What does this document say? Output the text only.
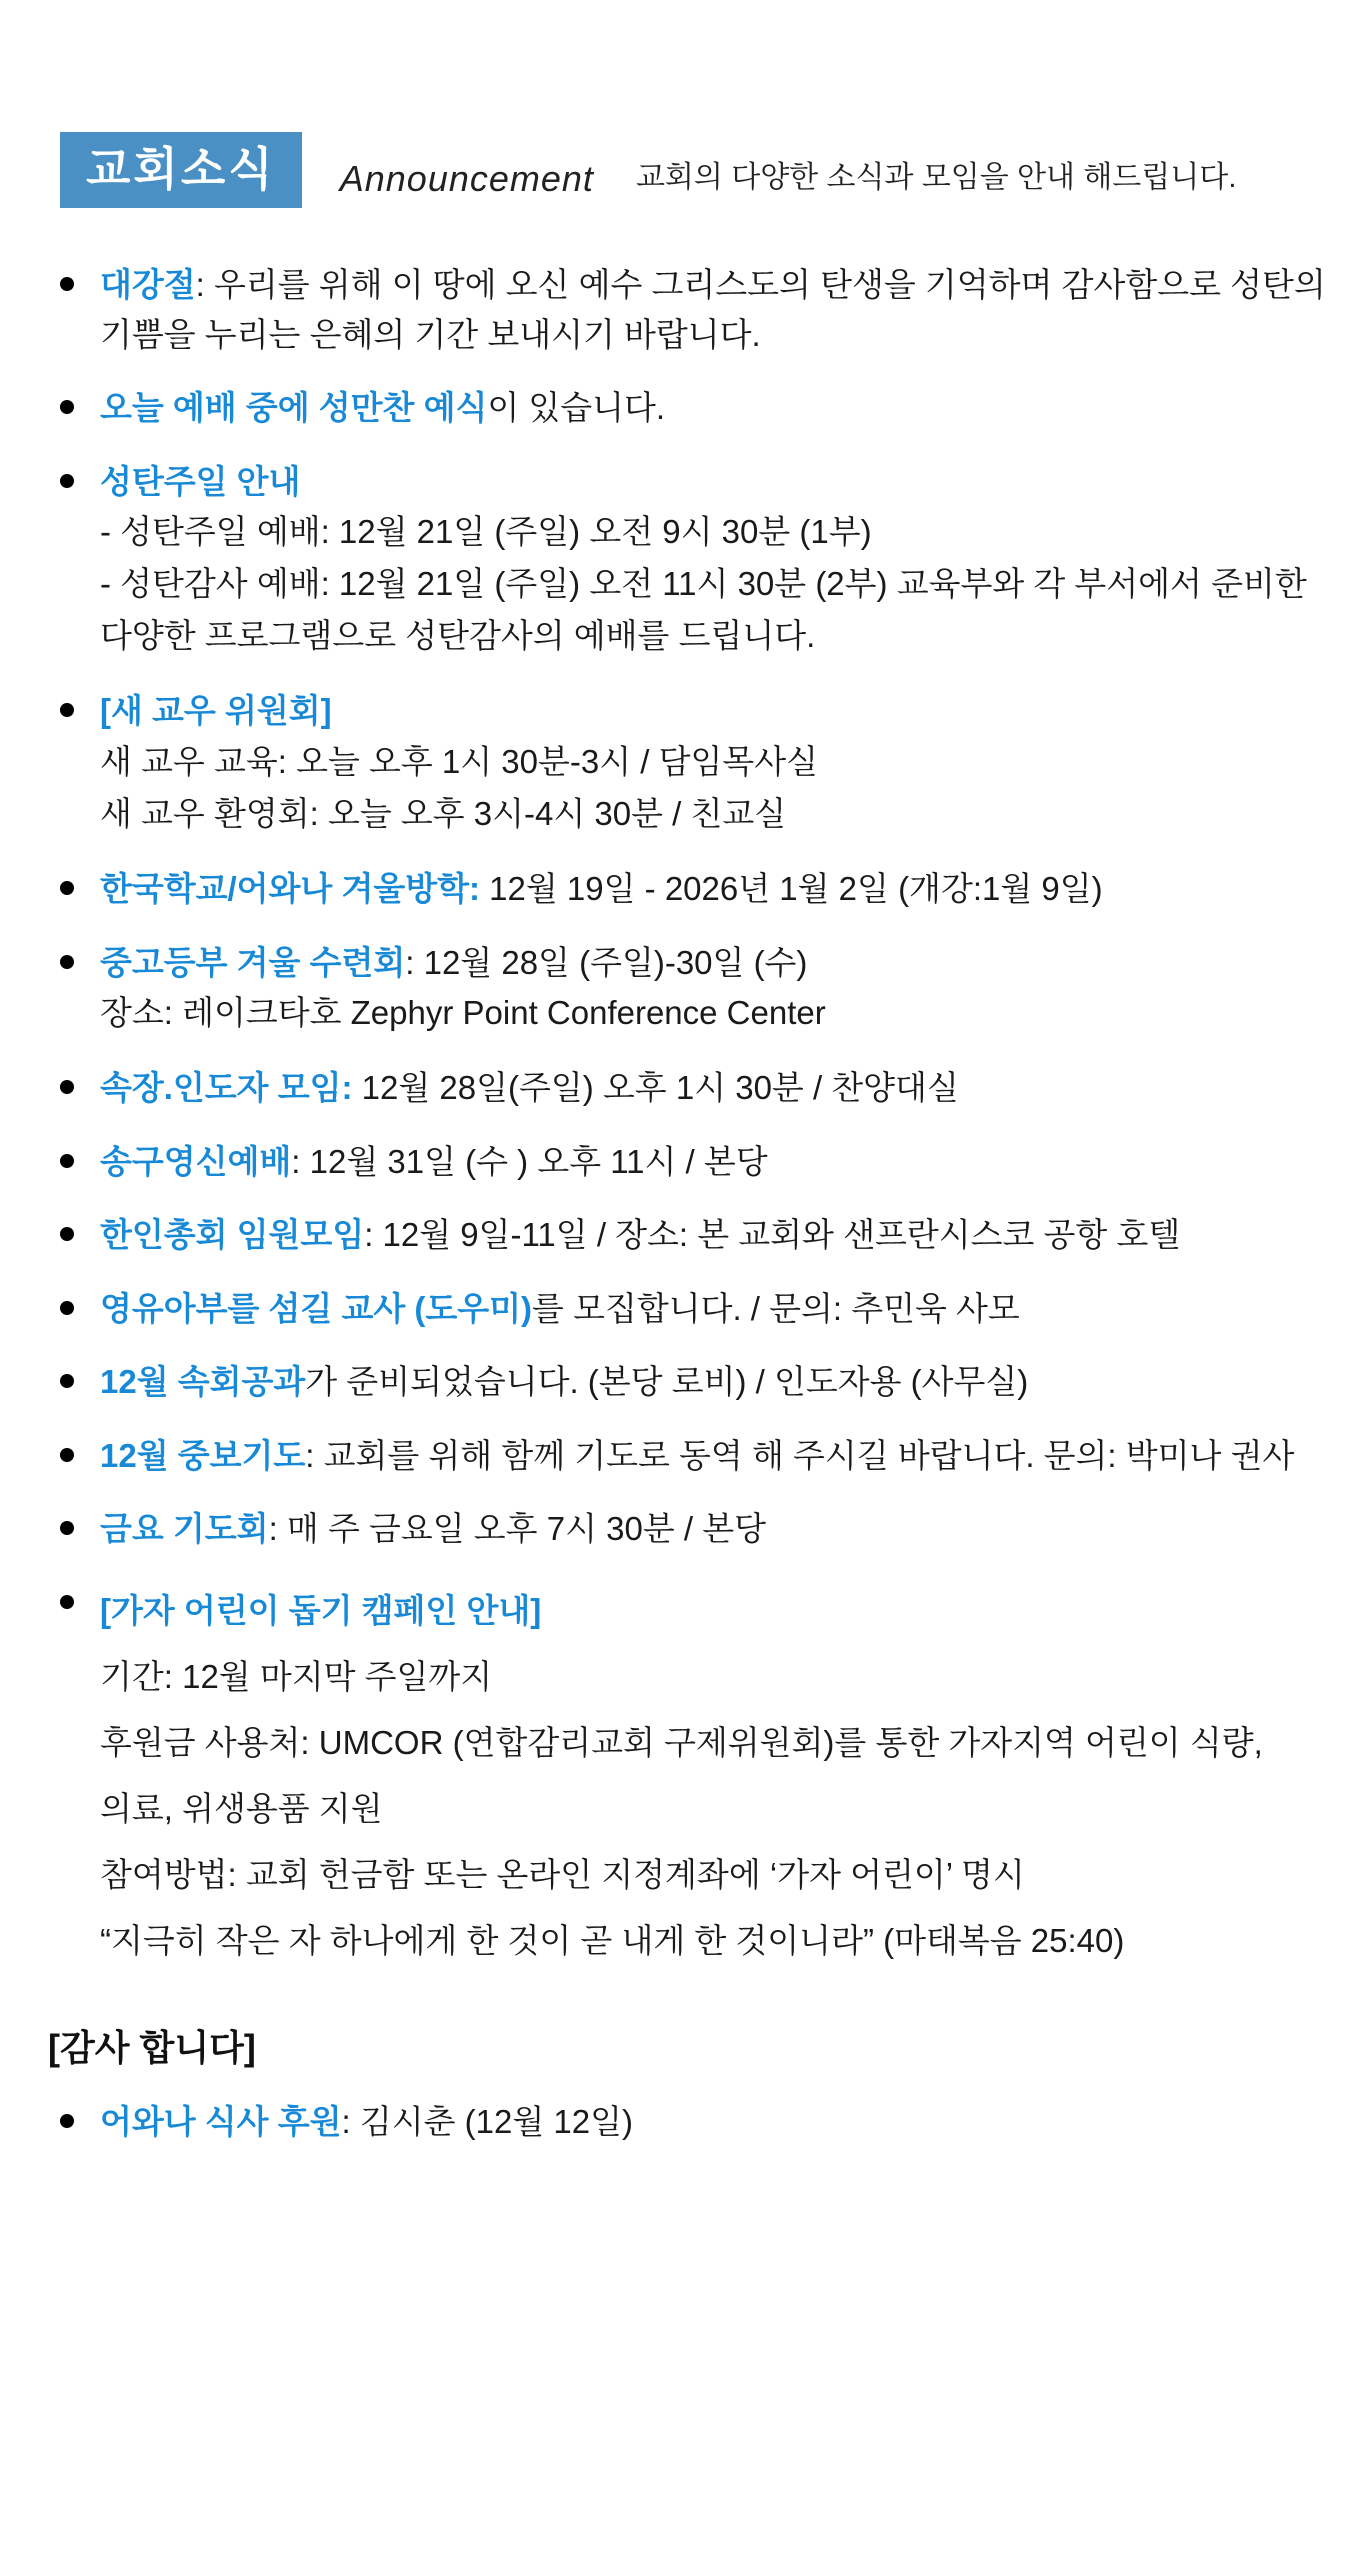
교회소식	Announcement 교회의 다양한 소식과 모임을 안내 해드립니다.
대강절: 우리를 위해 이 땅에 오신 예수 그리스도의 탄생을 기억하며 감사함으로 성탄의 기쁨을 누리는 은혜의 기간 보내시기 바랍니다.
오늘 예배 중에 성만찬 예식이 있습니다.
성탄주일 안내
- 성탄주일 예배: 12월 21일 (주일) 오전 9시 30분 (1부)
- 성탄감사 예배: 12월 21일 (주일) 오전 11시 30분 (2부) 교육부와 각 부서에서 준비한 다양한 프로그램으로 성탄감사의 예배를 드립니다.
[새 교우 위원회]
새 교우 교육: 오늘 오후 1시 30분-3시 / 담임목사실
새 교우 환영회: 오늘 오후 3시-4시 30분 / 친교실
한국학교/어와나 겨울방학: 12월 19일 - 2026년 1월 2일 (개강:1월 9일)
중고등부 겨울 수련회: 12월 28일 (주일)-30일 (수)
장소: 레이크타호 Zephyr Point Conference Center
속장.인도자 모임: 12월 28일(주일) 오후 1시 30분 / 찬양대실
송구영신예배: 12월 31일 (수 ) 오후 11시 / 본당
한인총회 임원모임: 12월 9일-11일 / 장소: 본 교회와 샌프란시스코 공항 호텔
영유아부를 섬길 교사 (도우미)를 모집합니다. / 문의: 추민욱 사모
12월 속회공과가 준비되었습니다. (본당 로비) / 인도자용 (사무실)
12월 중보기도: 교회를 위해 함께 기도로 동역 해 주시길 바랍니다. 문의: 박미나 권사
금요 기도회: 매 주 금요일 오후 7시 30분 / 본당
[가자 어린이 돕기 캠페인 안내]
기간: 12월 마지막 주일까지
후원금 사용처: UMCOR (연합감리교회 구제위원회)를 통한 가자지역 어린이 식량,
의료, 위생용품 지원
참여방법: 교회 헌금함 또는 온라인 지정계좌에 ‘가자 어린이’ 명시
“지극히 작은 자 하나에게 한 것이 곧 내게 한 것이니라” (마태복음 25:40)
[감사 합니다]
어와나 식사 후원: 김시춘 (12월 12일)
